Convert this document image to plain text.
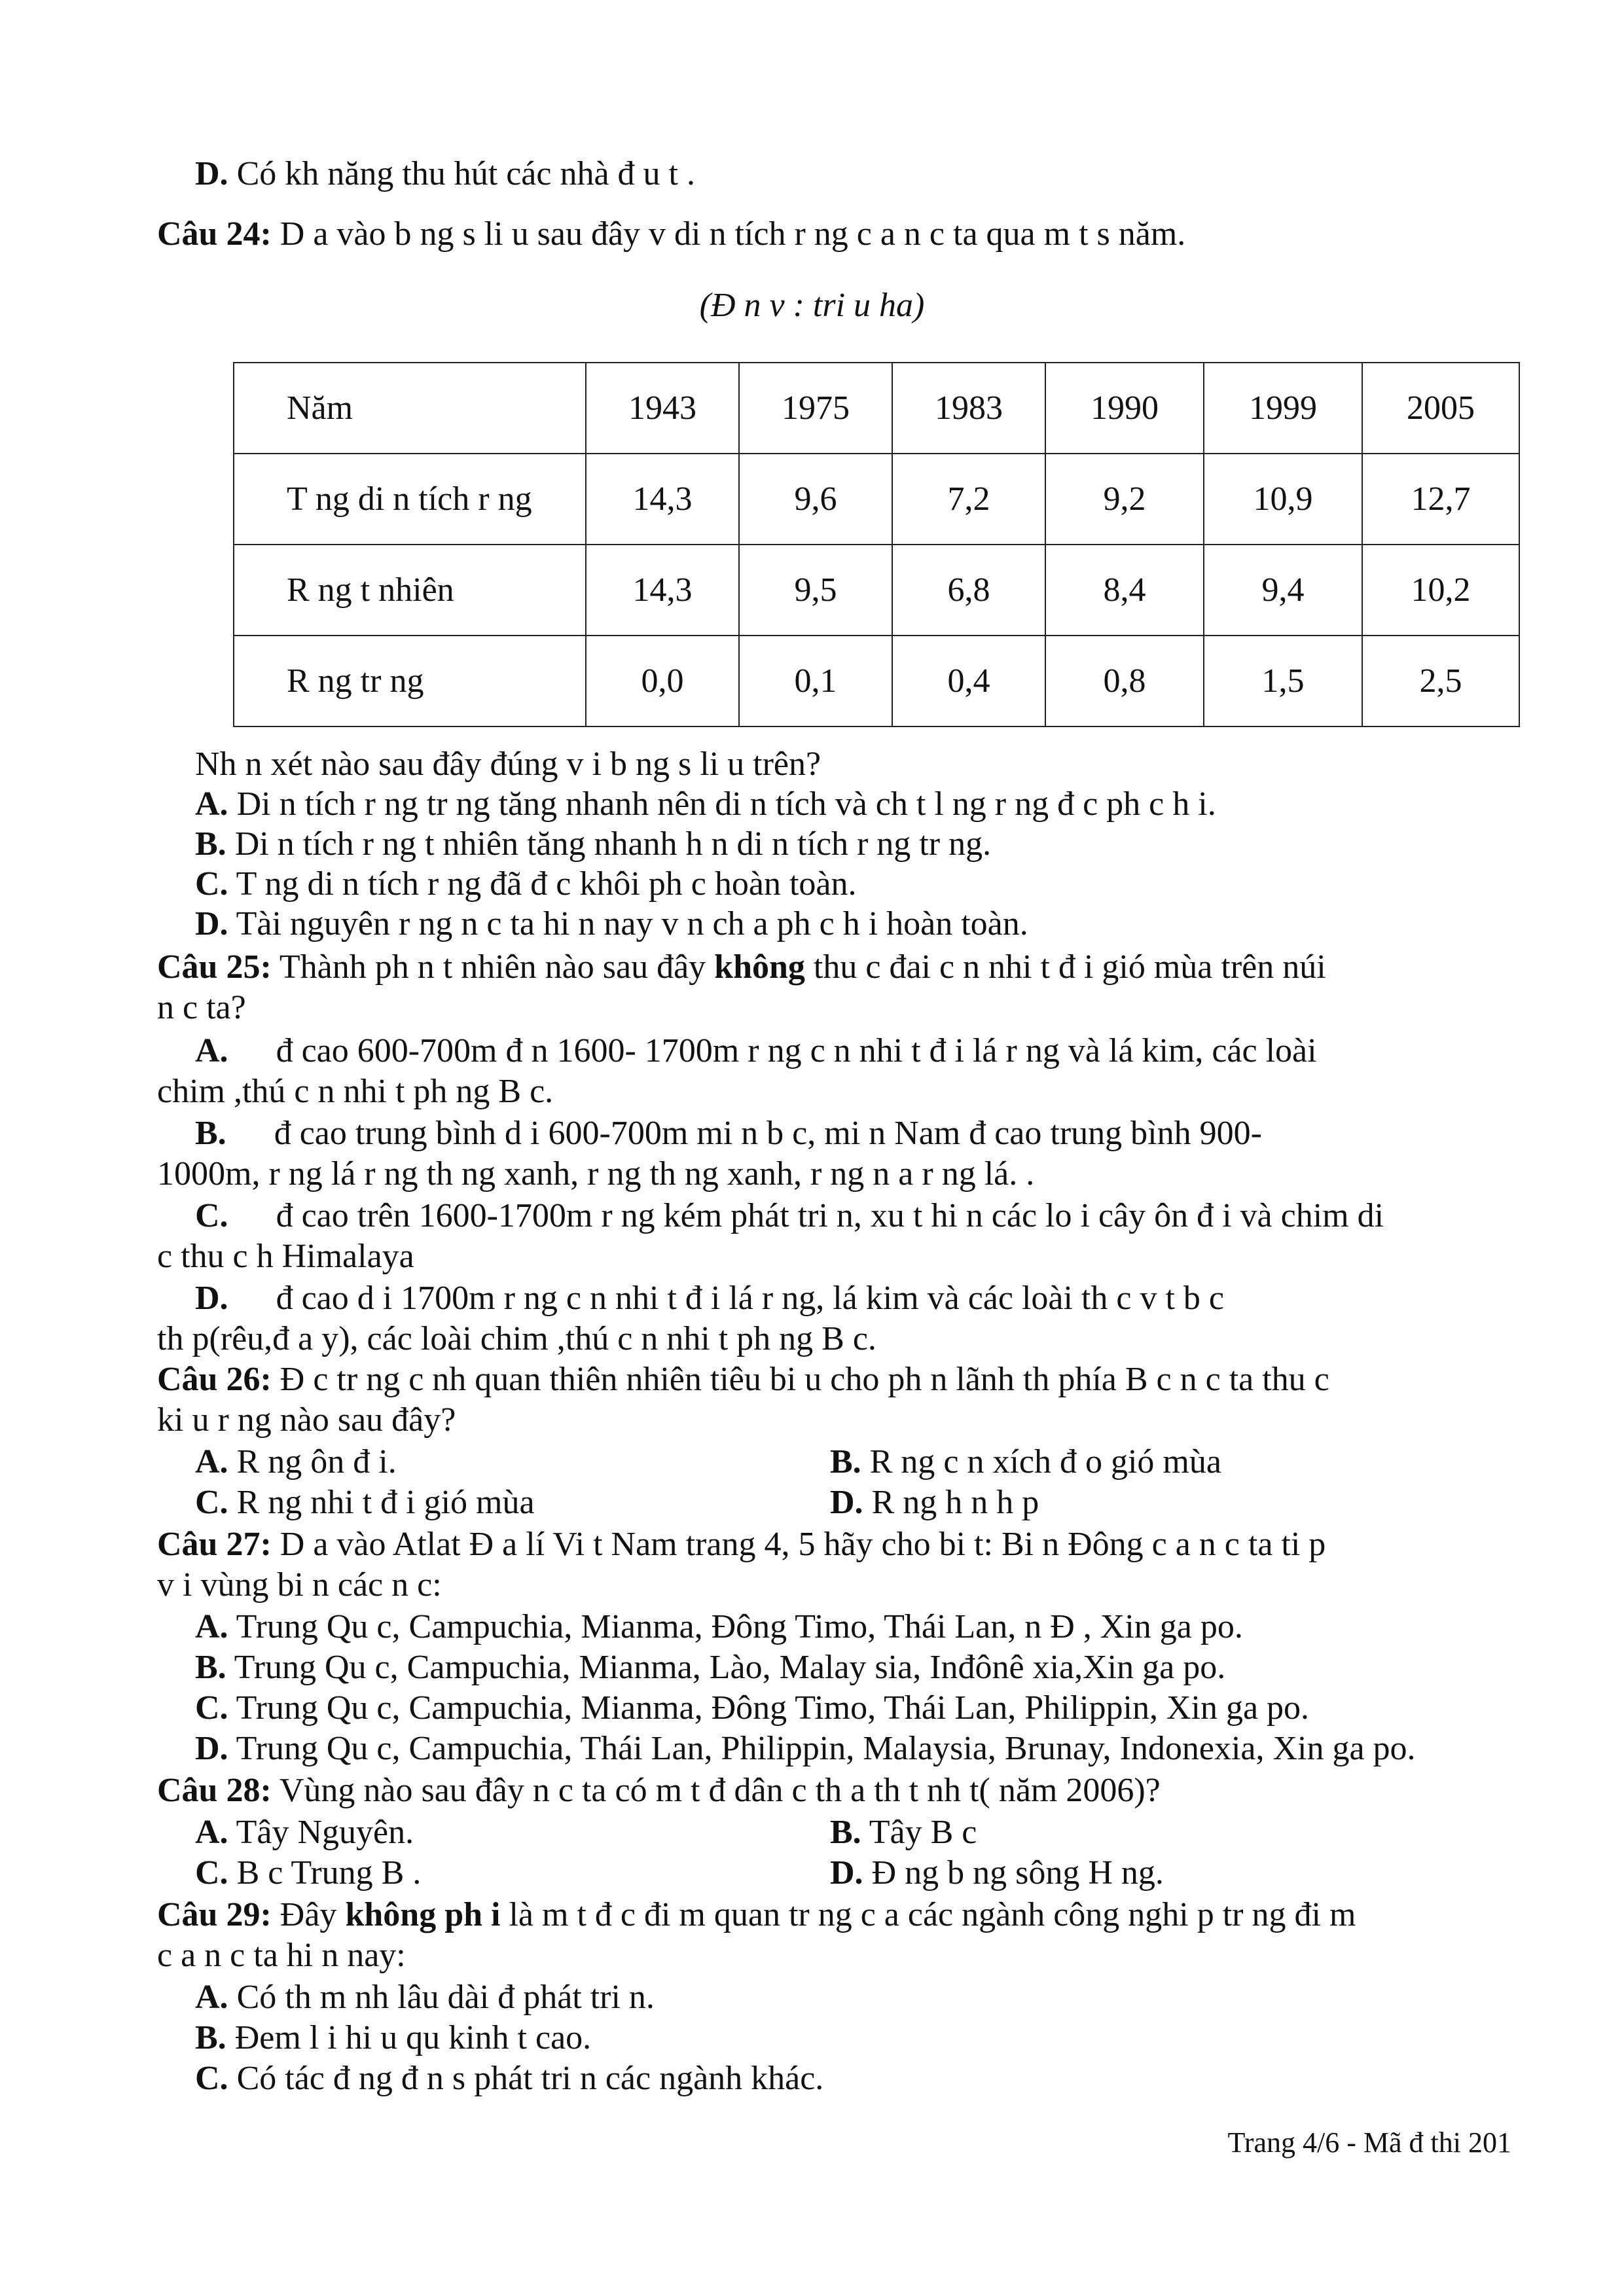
D. Có kh năng thu hút các nhà đ u t .
Câu 24: D a vào b ng s li u sau đây v di n tích r ng c a n c ta qua m t s năm.
(Đ n v : tri u ha)
Năm	1943	1975	1983	1990	1999	2005
T ng di n tích r ng	14,3	9,6	7,2	9,2	10,9	12,7
R ng t nhiên	14,3	9,5	6,8	8,4	9,4	10,2
R ng tr ng	0,0	0,1	0,4	0,8	1,5	2,5
Nh n xét nào sau đây đúng v i b ng s li u trên?
A. Di n tích r ng tr ng tăng nhanh nên di n tích và ch t l ng r ng đ c ph c h i.
B. Di n tích r ng t nhiên tăng nhanh h n di n tích r ng tr ng.
C. T ng di n tích r ng đã đ c khôi ph c hoàn toàn.
D. Tài nguyên r ng n c ta hi n nay v n ch a ph c h i hoàn toàn.
Câu 25: Thành ph n t nhiên nào sau đây không thu c đai c n nhi t đ i gió mùa trên núi
n c ta?
A. đ cao 600-700m đ n 1600- 1700m r ng c n nhi t đ i lá r ng và lá kim, các loài
chim ,thú c n nhi t ph ng B c.
B. đ cao trung bình d i 600-700m mi n b c, mi n Nam đ cao trung bình 900-
1000m, r ng lá r ng th ng xanh, r ng th ng xanh, r ng n a r ng lá. .
C. đ cao trên 1600-1700m r ng kém phát tri n, xu t hi n các lo i cây ôn đ i và chim di
c thu c h Himalaya
D. đ cao d i 1700m r ng c n nhi t đ i lá r ng, lá kim và các loài th c v t b c
th p(rêu,đ a y), các loài chim ,thú c n nhi t ph ng B c.
Câu 26: Đ c tr ng c nh quan thiên nhiên tiêu bi u cho ph n lãnh th phía B c n c ta thu c
ki u r ng nào sau đây?
A. R ng ôn đ i.	B. R ng c n xích đ o gió mùa
C. R ng nhi t đ i gió mùa	D. R ng h n h p
Câu 27: D a vào Atlat Đ a lí Vi t Nam trang 4, 5 hãy cho bi t: Bi n Đông c a n c ta ti p
v i vùng bi n các n c:
A. Trung Qu c, Campuchia, Mianma, Đông Timo, Thái Lan, n Đ , Xin ga po.
B. Trung Qu c, Campuchia, Mianma, Lào, Malay sia, Inđônê xia,Xin ga po.
C. Trung Qu c, Campuchia, Mianma, Đông Timo, Thái Lan, Philippin, Xin ga po.
D. Trung Qu c, Campuchia, Thái Lan, Philippin, Malaysia, Brunay, Indonexia, Xin ga po.
Câu 28: Vùng nào sau đây n c ta có m t đ dân c th a th t nh t( năm 2006)?
A. Tây Nguyên.	B. Tây B c
C. B c Trung B .	D. Đ ng b ng sông H ng.
Câu 29: Đây không ph i là m t đ c đi m quan tr ng c a các ngành công nghi p tr ng đi m
c a n c ta hi n nay:
A. Có th m nh lâu dài đ phát tri n.
B. Đem l i hi u qu kinh t cao.
C. Có tác đ ng đ n s phát tri n các ngành khác.
Trang 4/6 - Mã đ thi 201
